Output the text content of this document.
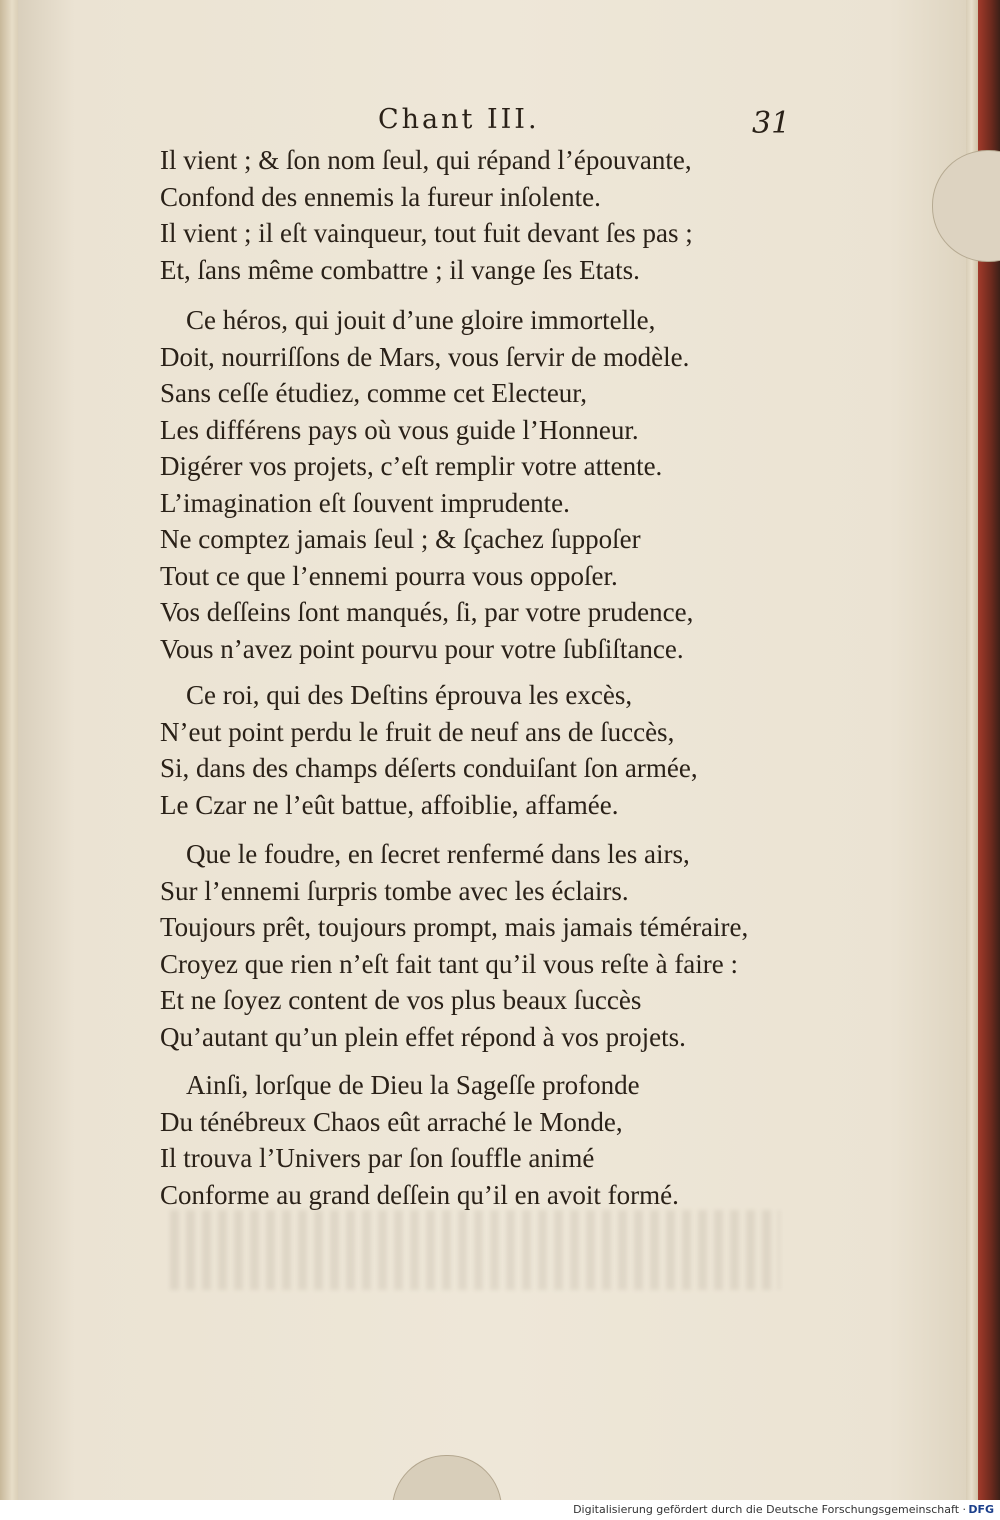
Chant III.	31
Il vient ; & ſon nom ſeul, qui répand l’épouvante,
Confond des ennemis la fureur inſolente.
Il vient ; il eſt vainqueur, tout fuit devant ſes pas ;
Et, ſans même combattre ; il vange ſes Etats.
Ce héros, qui jouit d’une gloire immortelle,
Doit, nourriſſons de Mars, vous ſervir de modèle.
Sans ceſſe étudiez, comme cet Electeur,
Les différens pays où vous guide l’Honneur.
Digérer vos projets, c’eſt remplir votre attente.
L’imagination eſt ſouvent imprudente.
Ne comptez jamais ſeul ; & ſçachez ſuppoſer
Tout ce que l’ennemi pourra vous oppoſer.
Vos deſſeins ſont manqués, ſi, par votre prudence,
Vous n’avez point pourvu pour votre ſubſiſtance.
Ce roi, qui des Deſtins éprouva les excès,
N’eut point perdu le fruit de neuf ans de ſuccès,
Si, dans des champs déſerts conduiſant ſon armée,
Le Czar ne l’eût battue, affoiblie, affamée.
Que le foudre, en ſecret renfermé dans les airs,
Sur l’ennemi ſurpris tombe avec les éclairs.
Toujours prêt, toujours prompt, mais jamais téméraire,
Croyez que rien n’eſt fait tant qu’il vous reſte à faire :
Et ne ſoyez content de vos plus beaux ſuccès
Qu’autant qu’un plein effet répond à vos projets.
Ainſi, lorſque de Dieu la Sageſſe profonde
Du ténébreux Chaos eût arraché le Monde,
Il trouva l’Univers par ſon ſouffle animé
Conforme au grand deſſein qu’il en avoit formé.
Digitalisierung gefördert durch die Deutsche Forschungsgemeinschaft · DFG
